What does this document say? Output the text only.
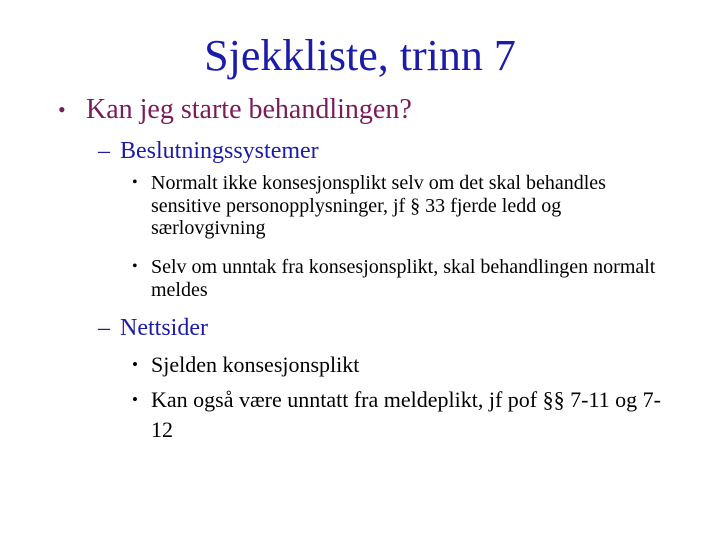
Sjekkliste, trinn 7
• Kan jeg starte behandlingen?
– Beslutningssystemer
• Normalt ikke konsesjonsplikt selv om det skal behandles sensitive personopplysninger, jf § 33 fjerde ledd og særlovgivning
• Selv om unntak fra konsesjonsplikt, skal behandlingen normalt meldes
– Nettsider
• Sjelden konsesjonsplikt
• Kan også være unntatt fra meldeplikt, jf pof §§ 7-11 og 7-12
